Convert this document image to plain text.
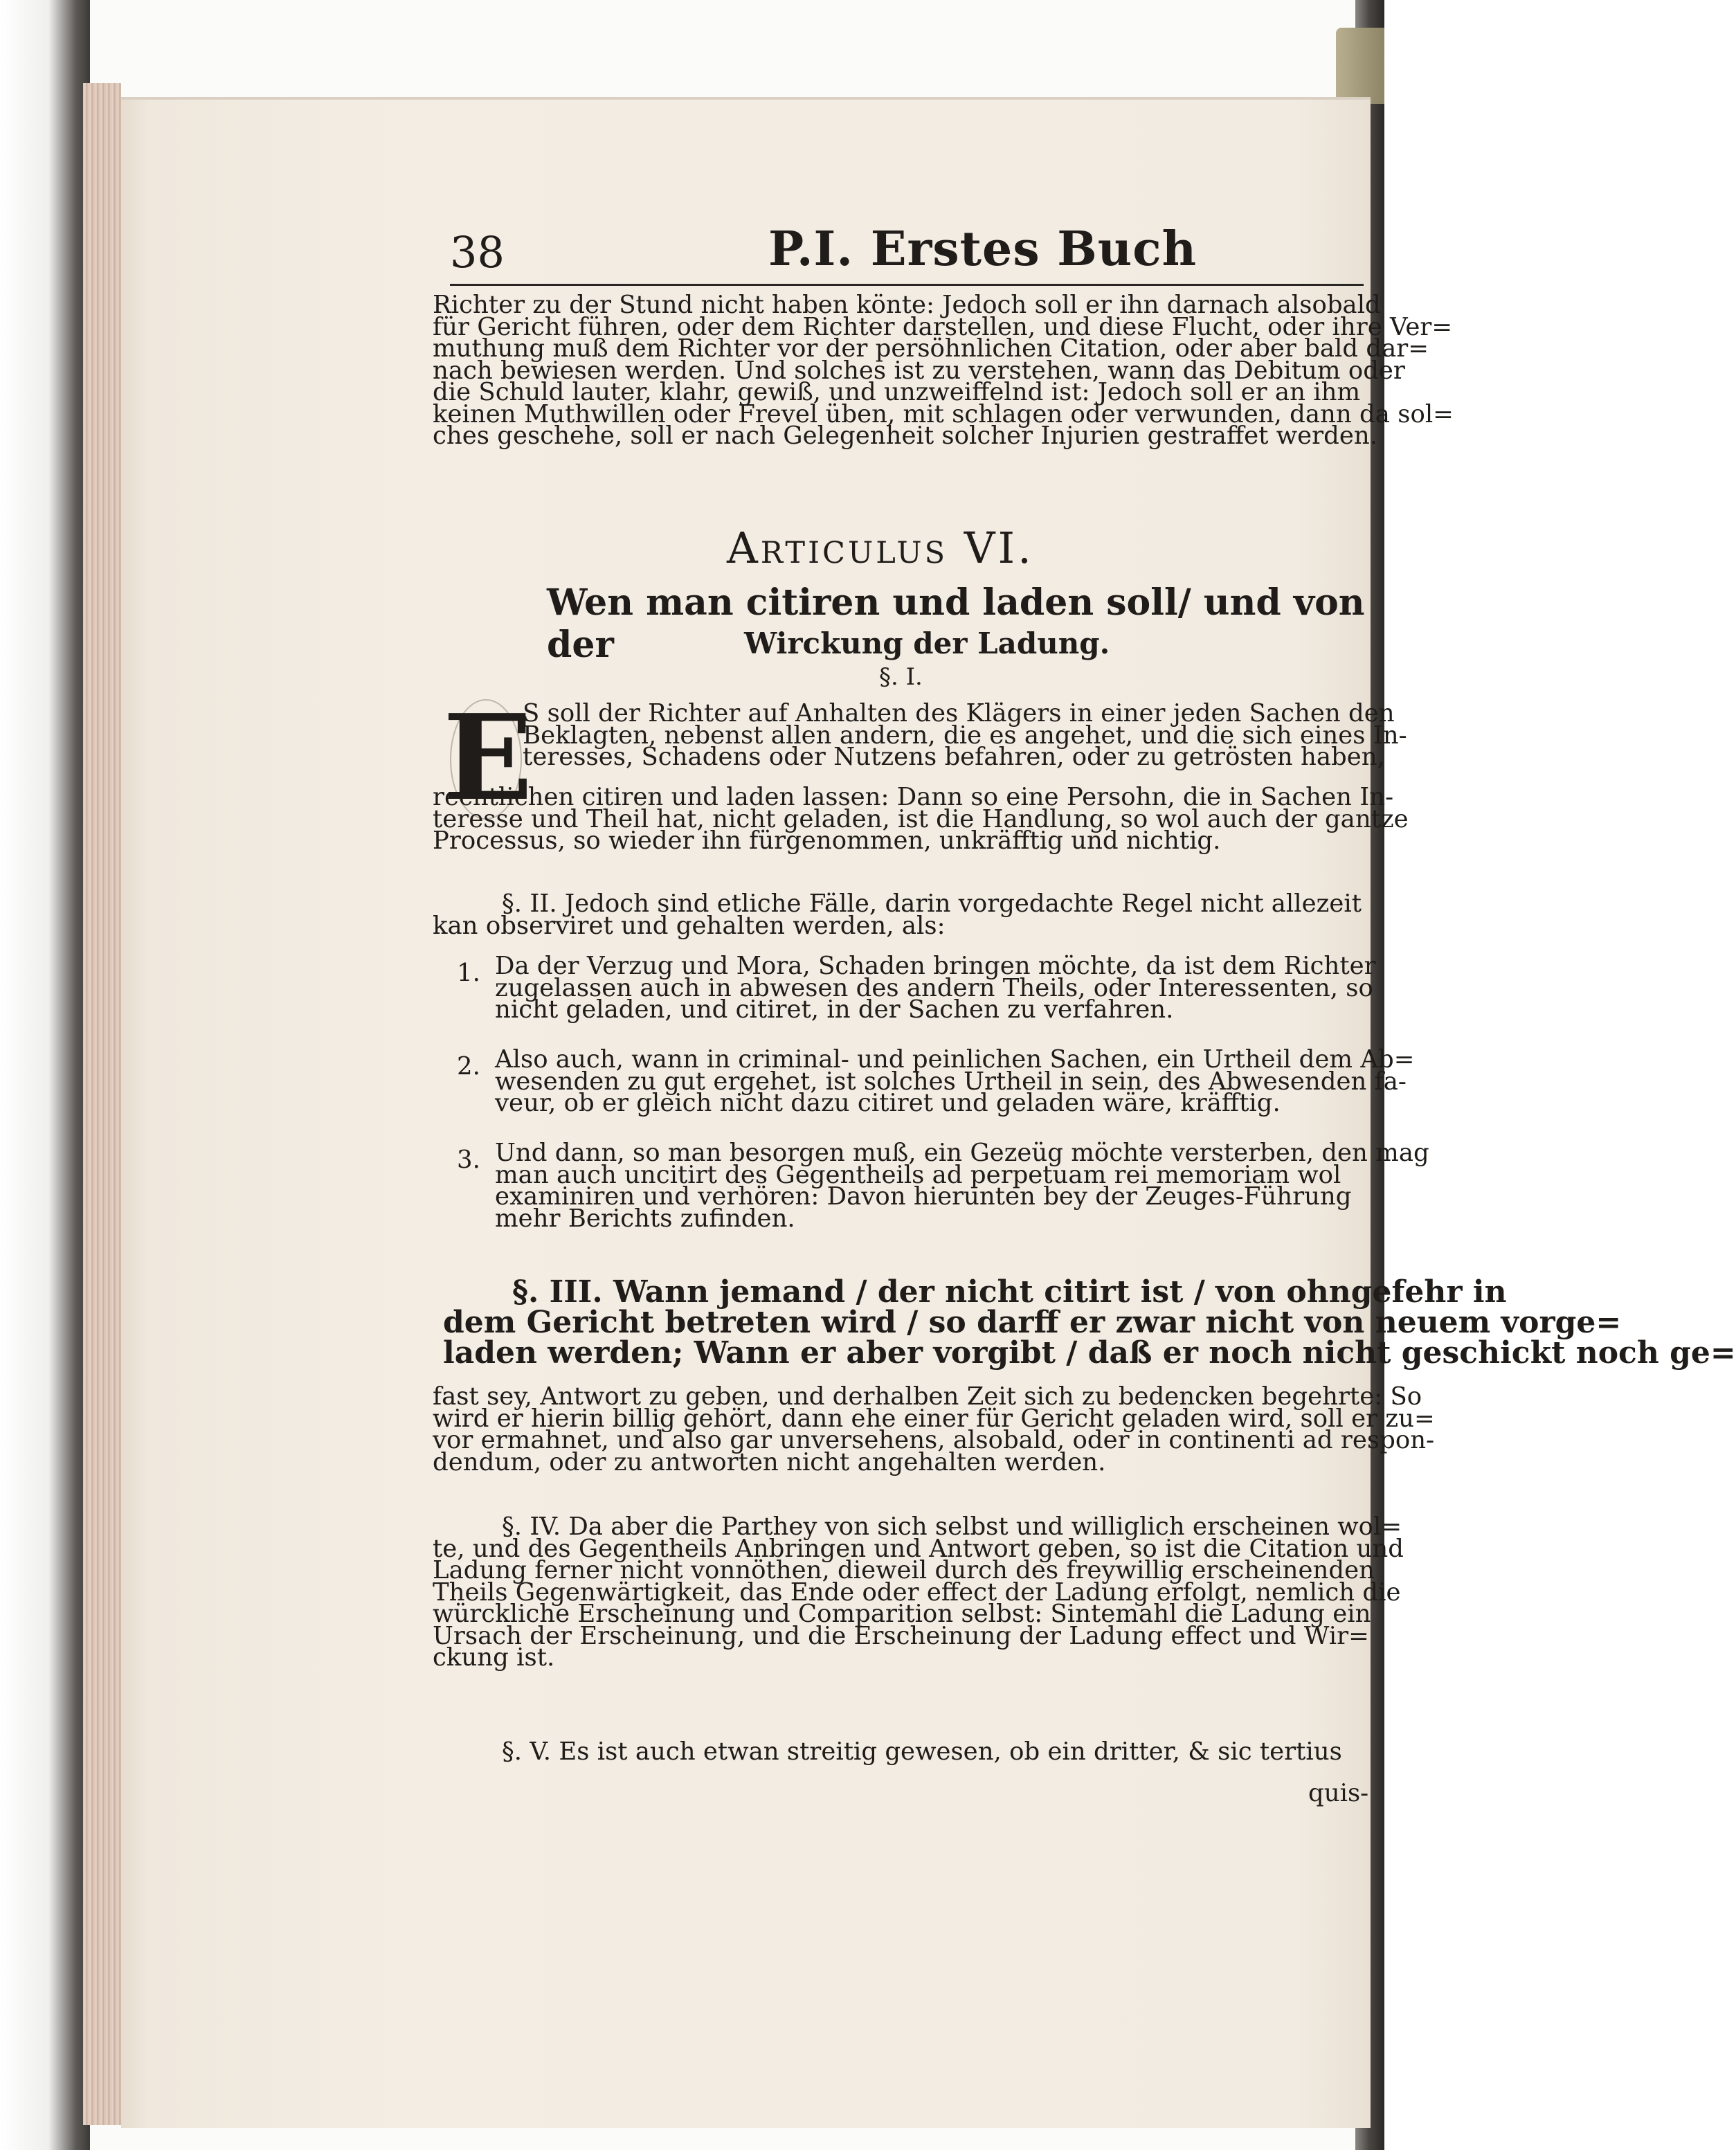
38	P.I. Erstes Buch
Richter zu der Stund nicht haben könte: Jedoch soll er ihn darnach alsobald
für Gericht führen, oder dem Richter darstellen, und diese Flucht, oder ihre Ver=
muthung muß dem Richter vor der persöhnlichen Citation, oder aber bald dar=
nach bewiesen werden. Und solches ist zu verstehen, wann das Debitum oder
die Schuld lauter, klahr, gewiß, und unzweiffelnd ist: Jedoch soll er an ihm
keinen Muthwillen oder Frevel üben, mit schlagen oder verwunden, dann da sol=
ches geschehe, soll er nach Gelegenheit solcher Injurien gestraffet werden.
Articulus VI.
Wen man citiren und laden soll/ und von der	Wirckung der Ladung.
§. I.
E
S soll der Richter auf Anhalten des Klägers in einer jeden Sachen den
Beklagten, nebenst allen andern, die es angehet, und die sich eines In-
teresses, Schadens oder Nutzens befahren, oder zu getrösten haben,
rechtlichen citiren und laden lassen: Dann so eine Persohn, die in Sachen In-
teresse und Theil hat, nicht geladen, ist die Handlung, so wol auch der gantze
Processus, so wieder ihn fürgenommen, unkräfftig und nichtig.
§. II. Jedoch sind etliche Fälle, darin vorgedachte Regel nicht allezeit
kan observiret und gehalten werden, als:
1. Da der Verzug und Mora, Schaden bringen möchte, da ist dem Richter
zugelassen auch in abwesen des andern Theils, oder Interessenten, so
nicht geladen, und citiret, in der Sachen zu verfahren.
2. Also auch, wann in criminal- und peinlichen Sachen, ein Urtheil dem Ab=
wesenden zu gut ergehet, ist solches Urtheil in sein, des Abwesenden fa-
veur, ob er gleich nicht dazu citiret und geladen wäre, kräfftig.
3. Und dann, so man besorgen muß, ein Gezeüg möchte versterben, den mag
man auch uncitirt des Gegentheils ad perpetuam rei memoriam wol
examiniren und verhören: Davon hierunten bey der Zeuges-Führung
mehr Berichts zufinden.
§. III. Wann jemand / der nicht citirt ist / von ohngefehr in
dem Gericht betreten wird / so darff er zwar nicht von neuem vorge=
laden werden; Wann er aber vorgibt / daß er noch nicht geschickt noch ge=
fast sey, Antwort zu geben, und derhalben Zeit sich zu bedencken begehrte: So
wird er hierin billig gehört, dann ehe einer für Gericht geladen wird, soll er zu=
vor ermahnet, und also gar unversehens, alsobald, oder in continenti ad respon-
dendum, oder zu antworten nicht angehalten werden.
§. IV. Da aber die Parthey von sich selbst und williglich erscheinen wol=
te, und des Gegentheils Anbringen und Antwort geben, so ist die Citation und
Ladung ferner nicht vonnöthen, dieweil durch des freywillig erscheinenden
Theils Gegenwärtigkeit, das Ende oder effect der Ladung erfolgt, nemlich die
würckliche Erscheinung und Comparition selbst: Sintemahl die Ladung ein
Ursach der Erscheinung, und die Erscheinung der Ladung effect und Wir=
ckung ist.
§. V. Es ist auch etwan streitig gewesen, ob ein dritter, & sic tertius
quis-
